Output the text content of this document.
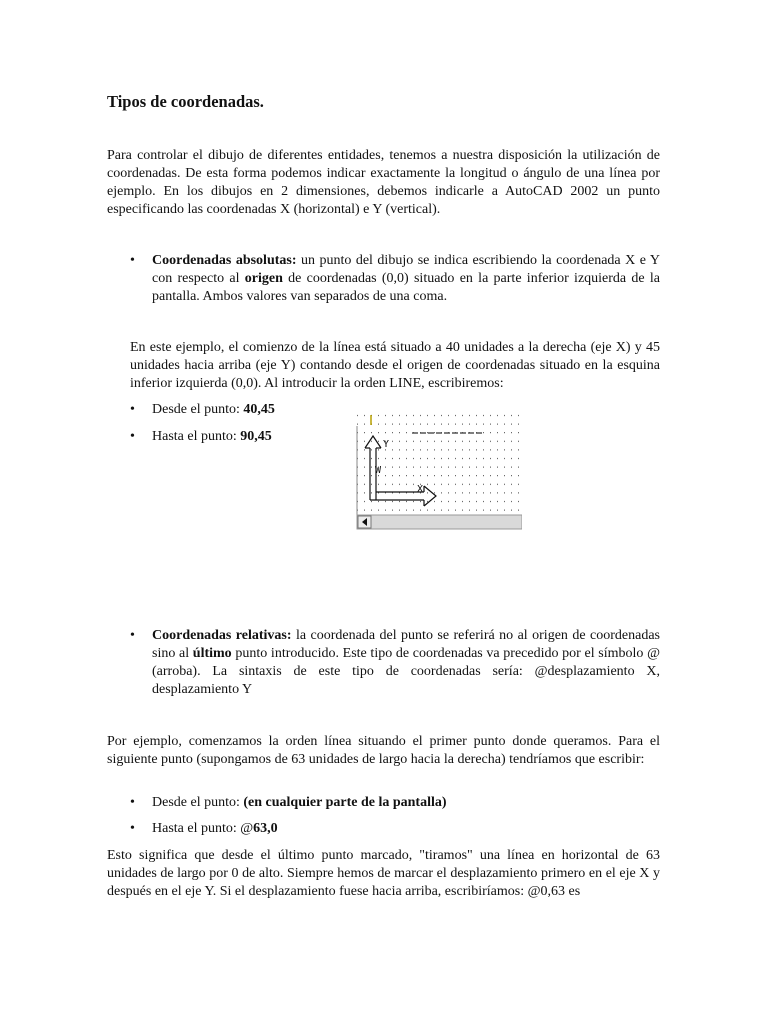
Tipos de coordenadas.

Para controlar el dibujo de diferentes entidades, tenemos a nuestra disposición la utilización de coordenadas. De esta forma podemos indicar exactamente la longitud o ángulo de una línea por ejemplo. En los dibujos en 2 dimensiones, debemos indicarle a AutoCAD 2002 un punto especificando las coordenadas X (horizontal) e Y (vertical).

• Coordenadas absolutas: un punto del dibujo se indica escribiendo la coordenada X e Y con respecto al origen de coordenadas (0,0) situado en la parte inferior izquierda de la pantalla. Ambos valores van separados de una coma.

En este ejemplo, el comienzo de la línea está situado a 40 unidades a la derecha (eje X) y 45 unidades hacia arriba (eje Y) contando desde el origen de coordenadas situado en la esquina inferior izquierda (0,0). Al introducir la orden LINE, escribiremos:

• Desde el punto: 40,45
• Hasta el punto: 90,45
Y
W
X
• Coordenadas relativas: la coordenada del punto se referirá no al origen de coordenadas sino al último punto introducido. Este tipo de coordenadas va precedido por el símbolo @ (arroba). La sintaxis de este tipo de coordenadas sería: @desplazamiento X, desplazamiento Y

Por ejemplo, comenzamos la orden línea situando el primer punto donde queramos. Para el siguiente punto (supongamos de 63 unidades de largo hacia la derecha) tendríamos que escribir:

• Desde el punto: (en cualquier parte de la pantalla)
• Hasta el punto: @63,0

Esto significa que desde el último punto marcado, "tiramos" una línea en horizontal de 63 unidades de largo por 0 de alto. Siempre hemos de marcar el desplazamiento primero en el eje X y después en el eje Y. Si el desplazamiento fuese hacia arriba, escribiríamos: @0,63 es
